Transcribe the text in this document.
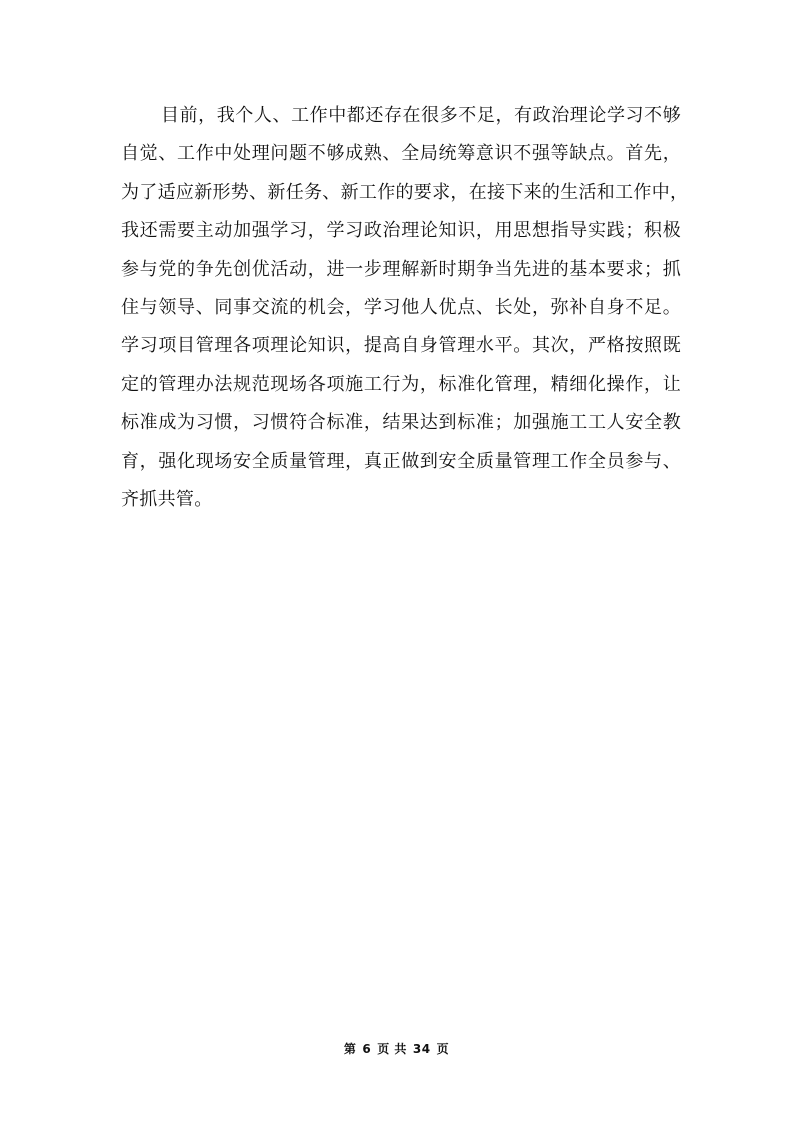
目前，我个人、工作中都还存在很多不足，有政治理论学习不够
自觉、工作中处理问题不够成熟、全局统筹意识不强等缺点。首先，
为了适应新形势、新任务、新工作的要求，在接下来的生活和工作中，
我还需要主动加强学习，学习政治理论知识，用思想指导实践；积极
参与党的争先创优活动，进一步理解新时期争当先进的基本要求；抓
住与领导、同事交流的机会，学习他人优点、长处，弥补自身不足。
学习项目管理各项理论知识，提高自身管理水平。其次，严格按照既
定的管理办法规范现场各项施工行为，标准化管理，精细化操作，让
标准成为习惯，习惯符合标准，结果达到标准；加强施工工人安全教
育，强化现场安全质量管理，真正做到安全质量管理工作全员参与、
齐抓共管。
第 6 页 共 34 页
